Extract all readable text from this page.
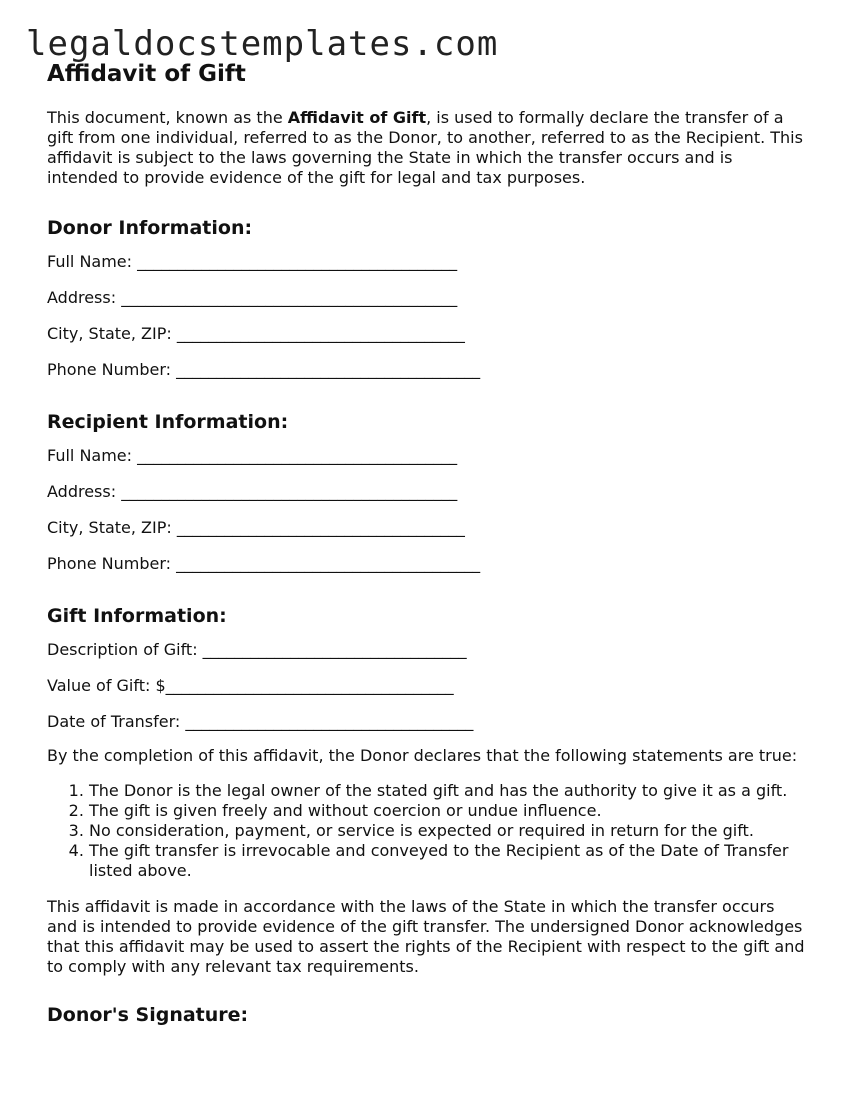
legaldocstemplates.com
Affidavit of Gift

This document, known as the Affidavit of Gift, is used to formally declare the transfer of a gift from one individual, referred to as the Donor, to another, referred to as the Recipient. This affidavit is subject to the laws governing the State in which the transfer occurs and is intended to provide evidence of the gift for legal and tax purposes.

Donor Information:
Full Name: ________________________________________
Address: __________________________________________
City, State, ZIP: ____________________________________
Phone Number: ______________________________________
Recipient Information:
Full Name: ________________________________________
Address: __________________________________________
City, State, ZIP: ____________________________________
Phone Number: ______________________________________
Gift Information:
Description of Gift: _________________________________
Value of Gift: $____________________________________
Date of Transfer: ____________________________________

By the completion of this affidavit, the Donor declares that the following statements are true:

1. The Donor is the legal owner of the stated gift and has the authority to give it as a gift.
2. The gift is given freely and without coercion or undue influence.
3. No consideration, payment, or service is expected or required in return for the gift.
4. The gift transfer is irrevocable and conveyed to the Recipient as of the Date of Transfer listed above.

This affidavit is made in accordance with the laws of the State in which the transfer occurs and is intended to provide evidence of the gift transfer. The undersigned Donor acknowledges that this affidavit may be used to assert the rights of the Recipient with respect to the gift and to comply with any relevant tax requirements.

Donor's Signature:
